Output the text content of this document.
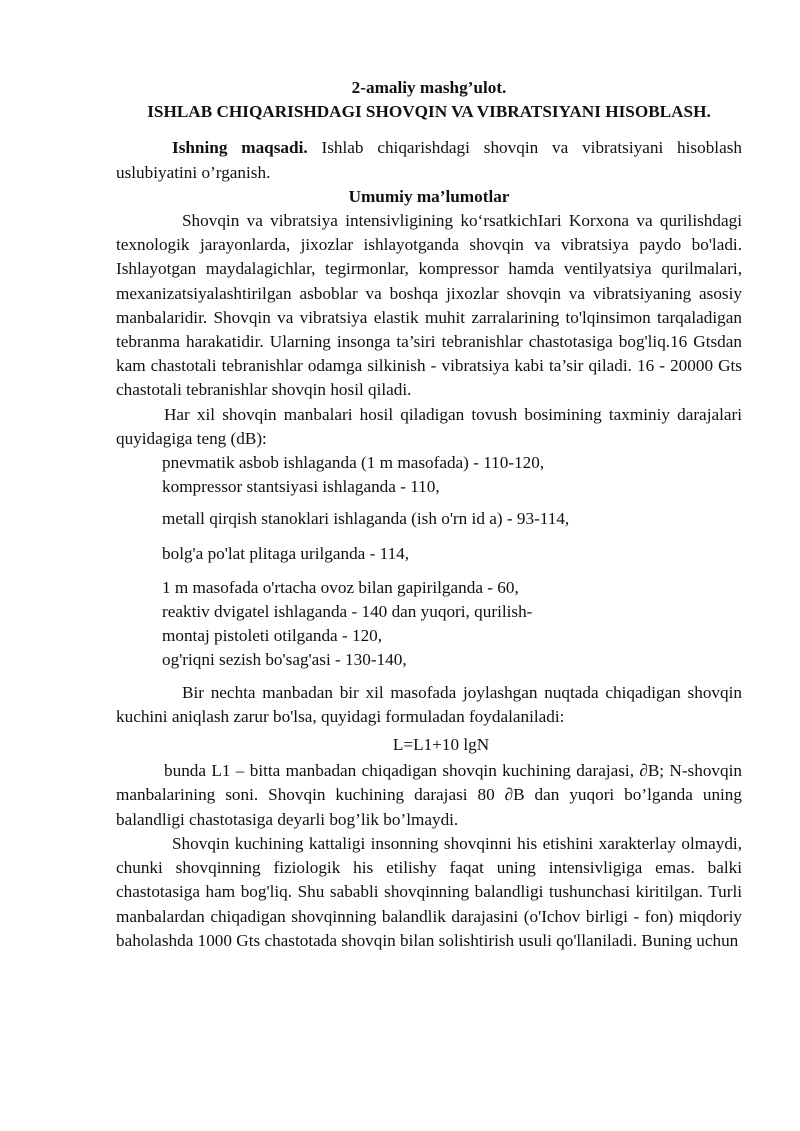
2-amaliy mashg’ulot.

ISHLAB CHIQARISHDAGI SHOVQIN VA VIBRATSIYANI HISOBLASH.

Ishning maqsadi. Ishlab chiqarishdagi shovqin va vibratsiyani hisoblash uslubiyatini o’rganish.

Umumiy ma’lumotlar

Shovqin va vibratsiya intensivligining ko‘rsatkichIari Korxona va qurilishdagi texnologik jarayonlarda, jixozlar ishlayotganda shovqin va vibratsiya paydo bo'ladi. Ishlayotgan maydalagichlar, tegirmonlar, kompressor hamda ventilyatsiya qurilmalari, mexanizatsiyalashtirilgan asboblar va boshqa jixozlar shovqin va vibratsiyaning asosiy manbalaridir. Shovqin va vibratsiya elastik muhit zarralarining to'lqinsimon tarqaladigan tebranma harakatidir. Ularning insonga ta’siri tebranishlar chastotasiga bog'liq.16 Gtsdan kam chastotali tebranishlar odamga silkinish - vibratsiya kabi ta’sir qiladi. 16 - 20000 Gts chastotali tebranishlar shovqin hosil qiladi.

Har xil shovqin manbalari hosil qiladigan tovush bosimining taxminiy darajalari quyidagiga teng (dB):

pnevmatik asbob ishlaganda (1 m masofada) - 110-120,
kompressor stantsiyasi ishlaganda - 110,
metall qirqish stanoklari ishlaganda (ish o'rn id a) - 93-114,
bolg'a po'lat plitaga urilganda - 114,
1 m masofada o'rtacha ovoz bilan gapirilganda - 60,
reaktiv dvigatel ishlaganda - 140 dan yuqori, qurilish-
montaj pistoleti otilganda - 120,
og'riqni sezish bo'sag'asi - 130-140,

Bir nechta manbadan bir xil masofada joylashgan nuqtada chiqadigan shovqin kuchini aniqlash zarur bo'lsa, quyidagi formuladan foydalaniladi:

L=L1+10 lgN

bunda L1 – bitta manbadan chiqadigan shovqin kuchining darajasi, ∂B; N-shovqin manbalarining soni. Shovqin kuchining darajasi 80 ∂B dan yuqori bo’lganda uning balandligi chastotasiga deyarli bog’lik bo’lmaydi.

Shovqin kuchining kattaligi insonning shovqinni his etishini xarakterlay olmaydi, chunki shovqinning fiziologik his etilishy faqat uning intensivligiga emas. balki chastotasiga ham bog'liq. Shu sababli shovqinning balandligi tushunchasi kiritilgan. Turli manbalardan chiqadigan shovqinning balandlik darajasini (o'Ichov birligi - fon) miqdoriy baholashda 1000 Gts chastotada shovqin bilan solishtirish usuli qo'llaniladi. Buning uchun
